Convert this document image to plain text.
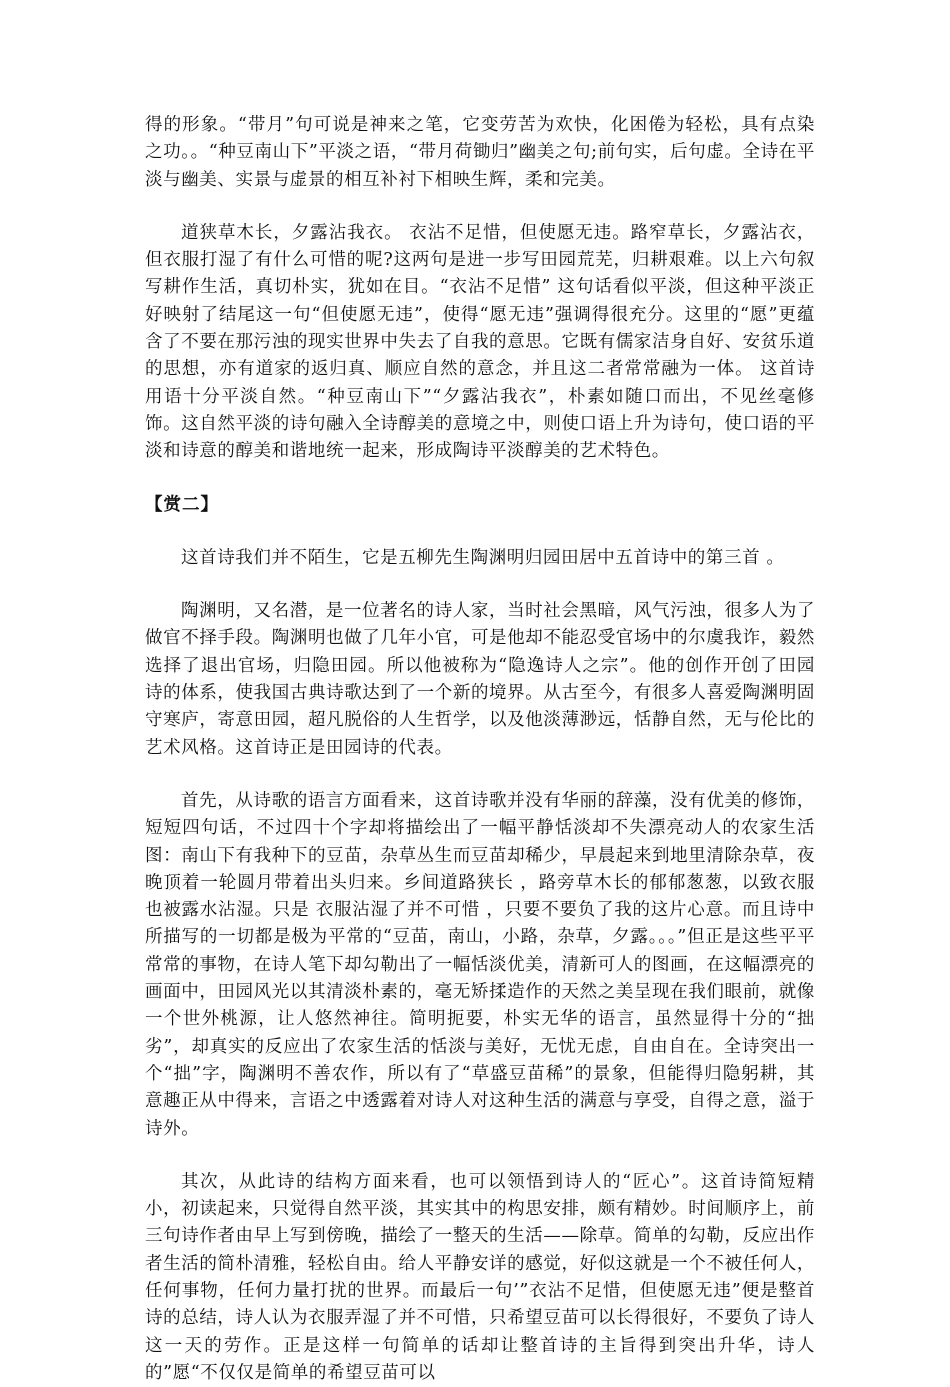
得的形象。“带月”句可说是神来之笔，它变劳苦为欢快，化困倦为轻松，具有点染之功。。“种豆南山下”平淡之语，“带月荷锄归”幽美之句;前句实，后句虚。全诗在平淡与幽美、实景与虚景的相互补衬下相映生辉，柔和完美。

道狭草木长，夕露沾我衣。 衣沾不足惜，但使愿无违。路窄草长，夕露沾衣，但衣服打湿了有什么可惜的呢?这两句是进一步写田园荒芜，归耕艰难。以上六句叙写耕作生活，真切朴实，犹如在目。“衣沾不足惜” 这句话看似平淡，但这种平淡正好映射了结尾这一句“但使愿无违”，使得“愿无违”强调得很充分。这里的“愿”更蕴含了不要在那污浊的现实世界中失去了自我的意思。它既有儒家洁身自好、安贫乐道的思想，亦有道家的返归真、顺应自然的意念，并且这二者常常融为一体。 这首诗用语十分平淡自然。“种豆南山下”“夕露沾我衣”，朴素如随口而出，不见丝毫修饰。这自然平淡的诗句融入全诗醇美的意境之中，则使口语上升为诗句，使口语的平淡和诗意的醇美和谐地统一起来，形成陶诗平淡醇美的艺术特色。

【赏二】

这首诗我们并不陌生，它是五柳先生陶渊明归园田居中五首诗中的第三首 。

陶渊明，又名潜，是一位著名的诗人家，当时社会黑暗，风气污浊，很多人为了做官不择手段。陶渊明也做了几年小官，可是他却不能忍受官场中的尔虞我诈，毅然选择了退出官场，归隐田园。所以他被称为“隐逸诗人之宗”。他的创作开创了田园诗的体系，使我国古典诗歌达到了一个新的境界。从古至今，有很多人喜爱陶渊明固守寒庐，寄意田园，超凡脱俗的人生哲学，以及他淡薄渺远，恬静自然，无与伦比的艺术风格。这首诗正是田园诗的代表。

首先，从诗歌的语言方面看来，这首诗歌并没有华丽的辞藻，没有优美的修饰，短短四句话，不过四十个字却将描绘出了一幅平静恬淡却不失漂亮动人的农家生活图：南山下有我种下的豆苗，杂草丛生而豆苗却稀少，早晨起来到地里清除杂草，夜晚顶着一轮圆月带着出头归来。乡间道路狭长 ，路旁草木长的郁郁葱葱，以致衣服也被露水沾湿。只是 衣服沾湿了并不可惜 ，只要不要负了我的这片心意。而且诗中所描写的一切都是极为平常的“豆苗，南山，小路，杂草，夕露。。。”但正是这些平平常常的事物，在诗人笔下却勾勒出了一幅恬淡优美，清新可人的图画，在这幅漂亮的画面中，田园风光以其清淡朴素的，毫无矫揉造作的天然之美呈现在我们眼前，就像一个世外桃源，让人悠然神往。简明扼要，朴实无华的语言，虽然显得十分的“拙劣”，却真实的反应出了农家生活的恬淡与美好，无忧无虑，自由自在。全诗突出一个“拙”字，陶渊明不善农作，所以有了“草盛豆苗稀”的景象，但能得归隐躬耕，其意趣正从中得来，言语之中透露着对诗人对这种生活的满意与享受，自得之意，溢于诗外。

其次，从此诗的结构方面来看，也可以领悟到诗人的“匠心”。这首诗简短精小，初读起来，只觉得自然平淡，其实其中的构思安排，颇有精妙。时间顺序上，前三句诗作者由早上写到傍晚，描绘了一整天的生活——除草。简单的勾勒，反应出作者生活的简朴清雅，轻松自由。给人平静安详的感觉，好似这就是一个不被任何人，任何事物，任何力量打扰的世界。而最后一句’”衣沾不足惜，但使愿无违”便是整首诗的总结，诗人认为衣服弄湿了并不可惜，只希望豆苗可以长得很好，不要负了诗人这一天的劳作。正是这样一句简单的话却让整首诗的主旨得到突出升华，诗人的”愿“不仅仅是简单的希望豆苗可以
